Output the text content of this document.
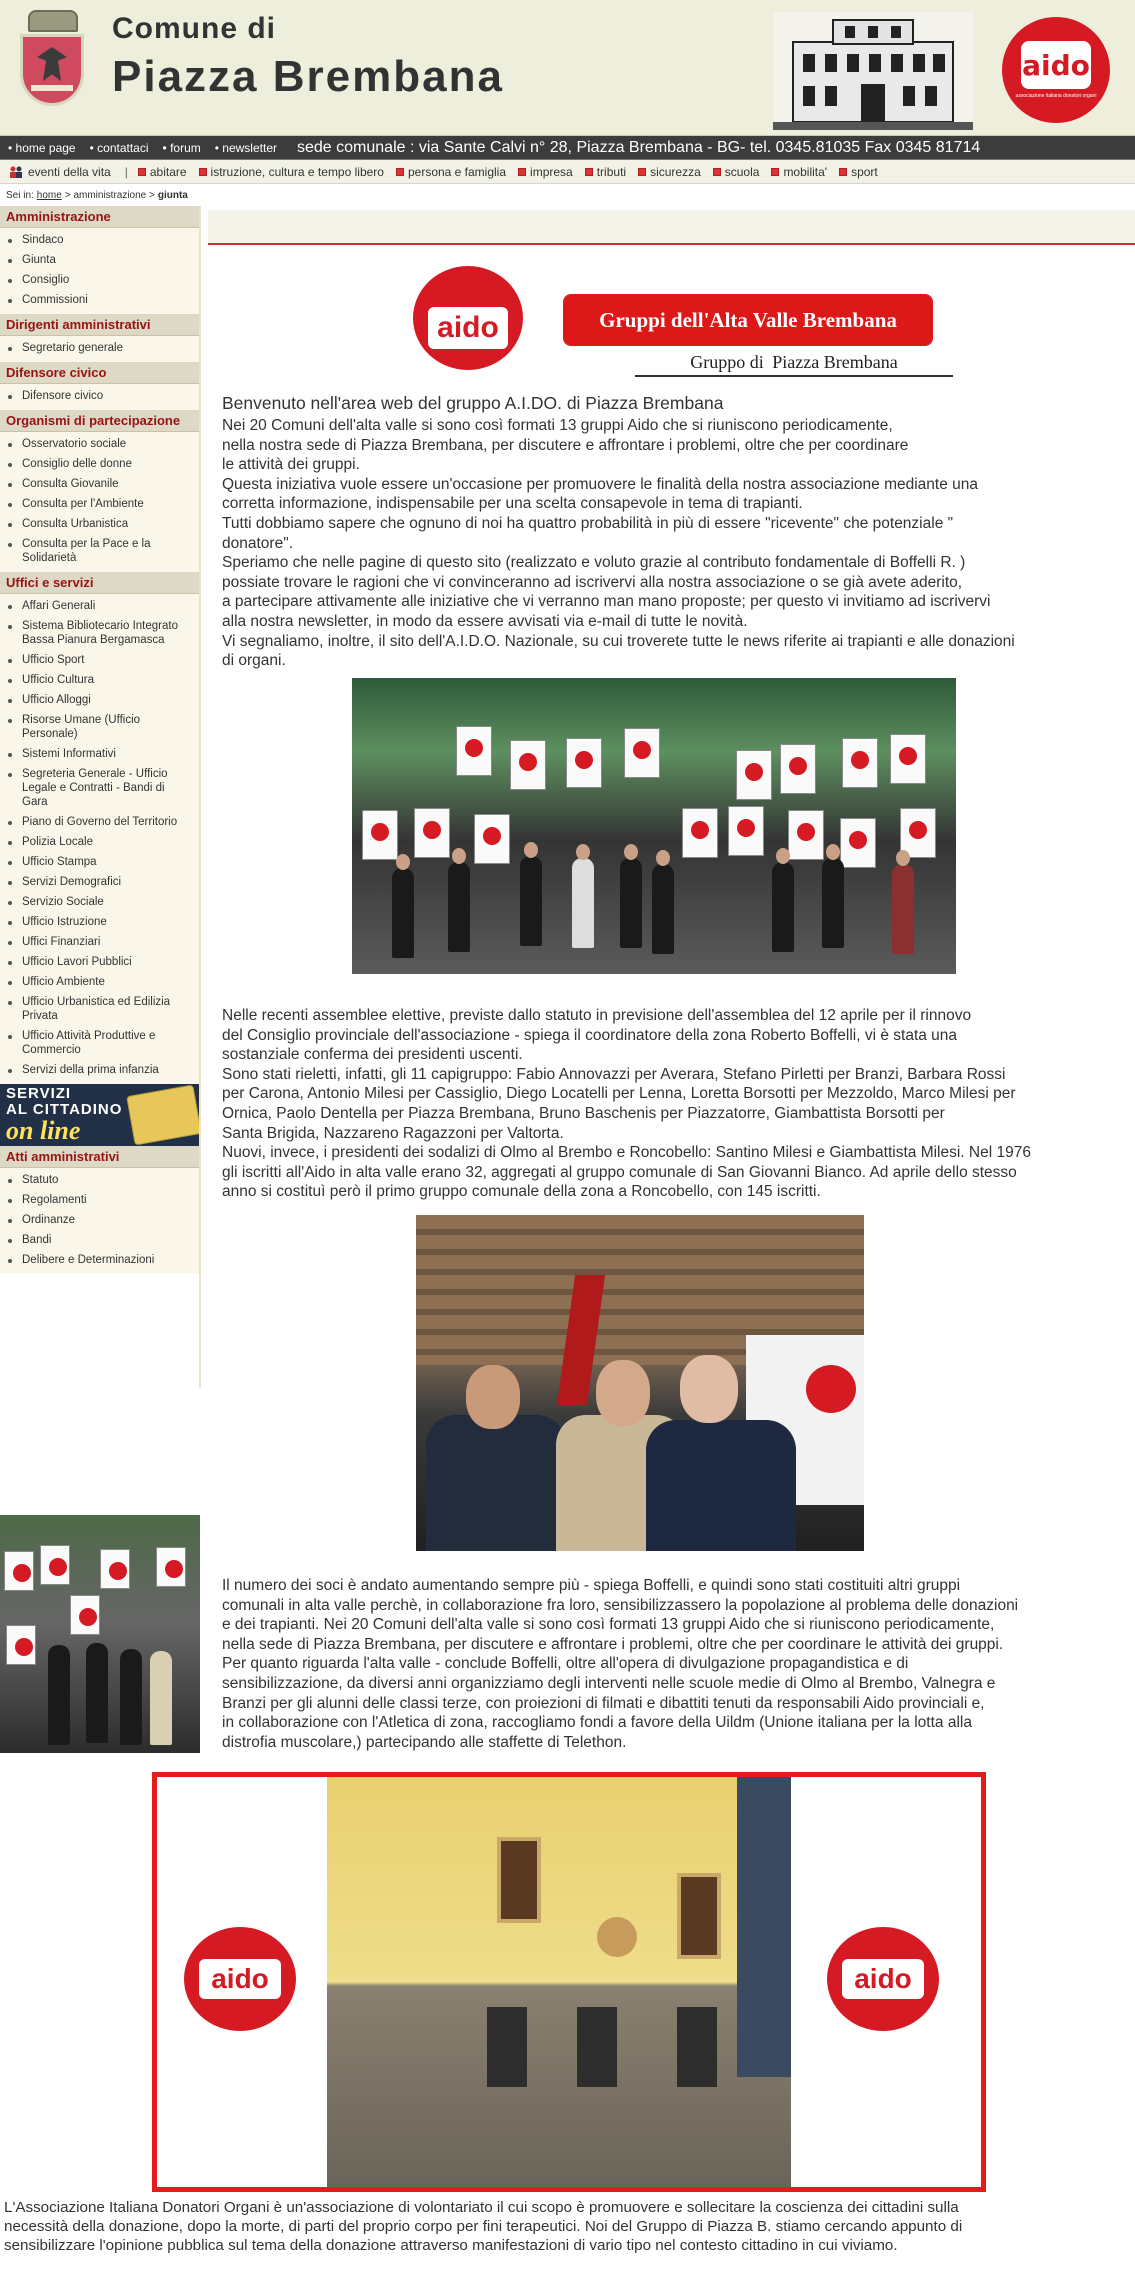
Comune di
Piazza Brembana	aido
associazione italiana donatori organi
• home page	• contattaci	• forum	• newsletter sede comunale : via Sante Calvi n° 28, Piazza Brembana - BG- tel. 0345.81035 Fax 0345 81714
eventi della vita | abitare istruzione, cultura e tempo libero persona e famiglia impresa tributi sicurezza scuola mobilita' sport
Sei in: home >
amministrazione
> giunta
Amministrazione
Sindaco
Giunta
Consiglio
Commissioni
Dirigenti amministrativi
Segretario generale
Difensore civico
Difensore civico
Organismi di partecipazione
Osservatorio sociale
Consiglio delle donne
Consulta Giovanile
Consulta per l'Ambiente
Consulta Urbanistica
Consulta per la Pace e la Solidarietà
Uffici e servizi
Affari Generali
Sistema Bibliotecario Integrato Bassa Pianura Bergamasca
Ufficio Sport
Ufficio Cultura
Ufficio Alloggi
Risorse Umane (Ufficio Personale)
Sistemi Informativi
Segreteria Generale - Ufficio Legale e Contratti - Bandi di Gara
Piano di Governo del Territorio
Polizia Locale
Ufficio Stampa
Servizi Demografici
Servizio Sociale
Ufficio Istruzione
Uffici Finanziari
Ufficio Lavori Pubblici
Ufficio Ambiente
Ufficio Urbanistica ed Edilizia Privata
Ufficio Attività Produttive e Commercio
Servizi della prima infanzia
SERVIZI
AL CITTADINO
on line
Atti amministrativi
Statuto
Regolamenti
Ordinanze
Bandi
Delibere e Determinazioni
aido	Gruppi dell'Alta Valle Brembana
Gruppo di Piazza Brembana
Benvenuto nell'area web del gruppo A.I.DO. di Piazza Brembana
Nei 20 Comuni dell'alta valle si sono così formati 13 gruppi Aido che si riuniscono periodicamente,
nella nostra sede di Piazza Brembana, per discutere e affrontare i problemi, oltre che per coordinare
le attività dei gruppi.
Questa iniziativa vuole essere un'occasione per promuovere le finalità della nostra associazione mediante una
corretta informazione, indispensabile per una scelta consapevole in tema di trapianti.
Tutti dobbiamo sapere che ognuno di noi ha quattro probabilità in più di essere "ricevente" che potenziale "
donatore".
Speriamo che nelle pagine di questo sito (realizzato e voluto grazie al contributo fondamentale di Boffelli R. )
possiate trovare le ragioni che vi convinceranno ad iscrivervi alla nostra associazione o se già avete aderito,
a partecipare attivamente alle iniziative che vi verranno man mano proposte; per questo vi invitiamo ad iscrivervi
alla nostra newsletter, in modo da essere avvisati via e-mail di tutte le novità.
Vi segnaliamo, inoltre, il sito dell'A.I.D.O. Nazionale, su cui troverete tutte le news riferite ai trapianti e alle donazioni
di organi.
Nelle recenti assemblee elettive, previste dallo statuto in previsione dell'assemblea del 12 aprile per il rinnovo
del Consiglio provinciale dell'associazione - spiega il coordinatore della zona Roberto Boffelli, vi è stata una
sostanziale conferma dei presidenti uscenti.
Sono stati rieletti, infatti, gli 11 capigruppo: Fabio Annovazzi per Averara, Stefano Pirletti per Branzi, Barbara Rossi
per Carona, Antonio Milesi per Cassiglio, Diego Locatelli per Lenna, Loretta Borsotti per Mezzoldo, Marco Milesi per
Ornica, Paolo Dentella per Piazza Brembana, Bruno Baschenis per Piazzatorre, Giambattista Borsotti per
Santa Brigida, Nazzareno Ragazzoni per Valtorta.
Nuovi, invece, i presidenti dei sodalizi di Olmo al Brembo e Roncobello: Santino Milesi e Giambattista Milesi. Nel 1976
gli iscritti all'Aido in alta valle erano 32, aggregati al gruppo comunale di San Giovanni Bianco. Ad aprile dello stesso
anno si costituì però il primo gruppo comunale della zona a Roncobello, con 145 iscritti.
Il numero dei soci è andato aumentando sempre più - spiega Boffelli, e quindi sono stati costituiti altri gruppi
comunali in alta valle perchè, in collaborazione fra loro, sensibilizzassero la popolazione al problema delle donazioni
e dei trapianti. Nei 20 Comuni dell'alta valle si sono così formati 13 gruppi Aido che si riuniscono periodicamente,
nella sede di Piazza Brembana, per discutere e affrontare i problemi, oltre che per coordinare le attività dei gruppi.
Per quanto riguarda l'alta valle - conclude Boffelli, oltre all'opera di divulgazione propagandistica e di
sensibilizzazione, da diversi anni organizziamo degli interventi nelle scuole medie di Olmo al Brembo, Valnegra e
Branzi per gli alunni delle classi terze, con proiezioni di filmati e dibattiti tenuti da responsabili Aido provinciali e,
in collaborazione con l'Atletica di zona, raccogliamo fondi a favore della Uildm (Unione italiana per la lotta alla
distrofia muscolare,) partecipando alle staffette di Telethon.
aido	aido
L'Associazione Italiana Donatori Organi è un'associazione di volontariato il cui scopo è promuovere e sollecitare la coscienza dei cittadini sulla
necessità della donazione, dopo la morte, di parti del proprio corpo per fini terapeutici. Noi del Gruppo di Piazza B. stiamo cercando appunto di
sensibilizzare l'opinione pubblica sul tema della donazione attraverso manifestazioni di vario tipo nel contesto cittadino in cui viviamo.
